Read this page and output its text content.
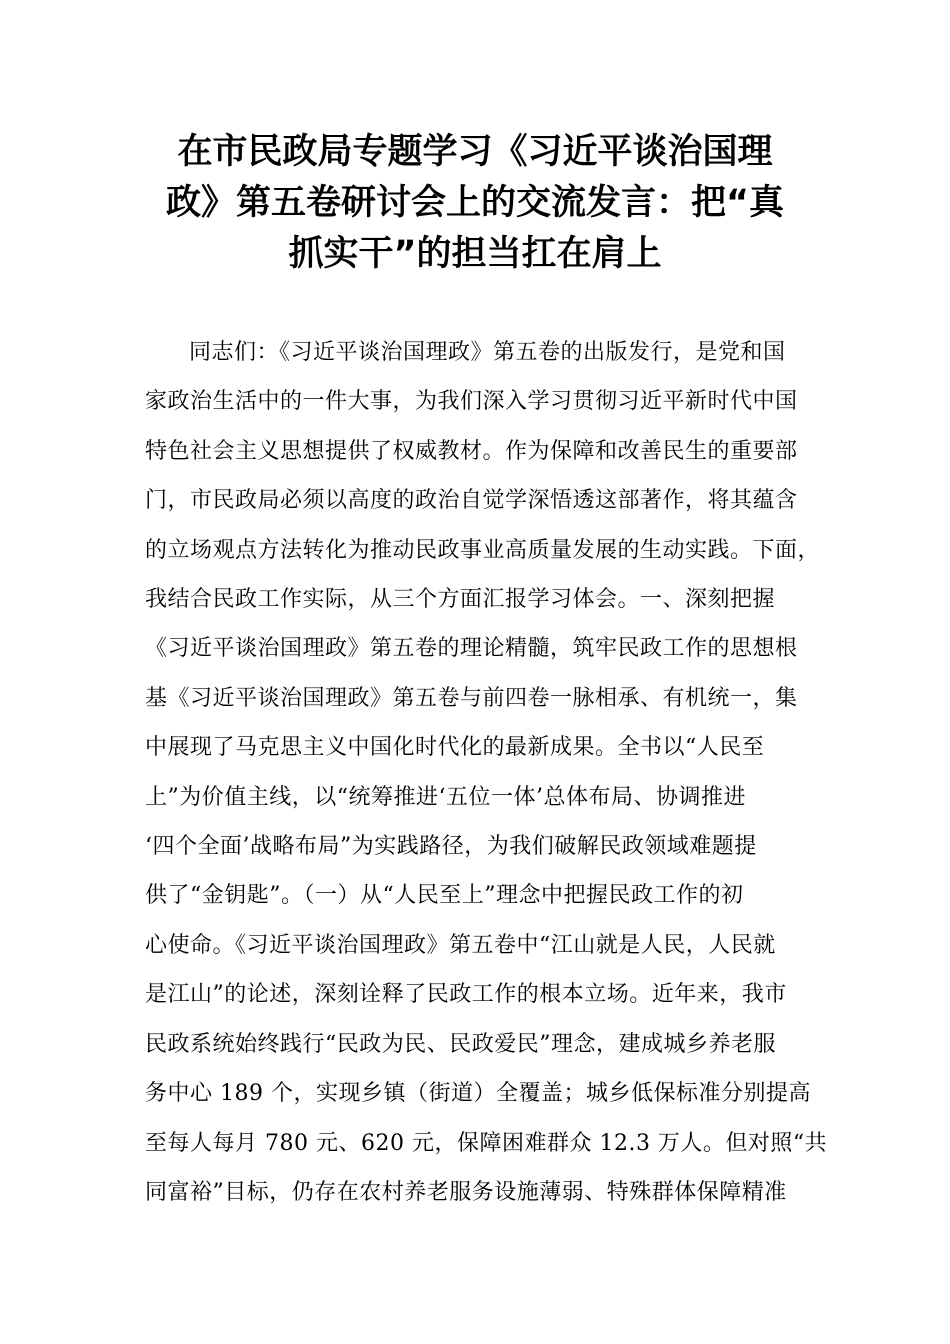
在市民政局专题学习《习近平谈治国理
政》第五卷研讨会上的交流发言：把“真
抓实干”的担当扛在肩上
同志们：《习近平谈治国理政》第五卷的出版发行，是党和国
家政治生活中的一件大事，为我们深入学习贯彻习近平新时代中国
特色社会主义思想提供了权威教材。作为保障和改善民生的重要部
门，市民政局必须以高度的政治自觉学深悟透这部著作，将其蕴含
的立场观点方法转化为推动民政事业高质量发展的生动实践。下面，
我结合民政工作实际，从三个方面汇报学习体会。一、深刻把握
《习近平谈治国理政》第五卷的理论精髓，筑牢民政工作的思想根
基《习近平谈治国理政》第五卷与前四卷一脉相承、有机统一，集
中展现了马克思主义中国化时代化的最新成果。全书以“人民至
上”为价值主线，以“统筹推进‘五位一体’总体布局、协调推进
‘四个全面’战略布局”为实践路径，为我们破解民政领域难题提
供了“金钥匙”。（一）从“人民至上”理念中把握民政工作的初
心使命。《习近平谈治国理政》第五卷中“江山就是人民，人民就
是江山”的论述，深刻诠释了民政工作的根本立场。近年来，我市
民政系统始终践行“民政为民、民政爱民”理念，建成城乡养老服
务中心 189 个，实现乡镇（街道）全覆盖；城乡低保标准分别提高
至每人每月 780 元、620 元，保障困难群众 12.3 万人。但对照“共
同富裕”目标，仍存在农村养老服务设施薄弱、特殊群体保障精准
